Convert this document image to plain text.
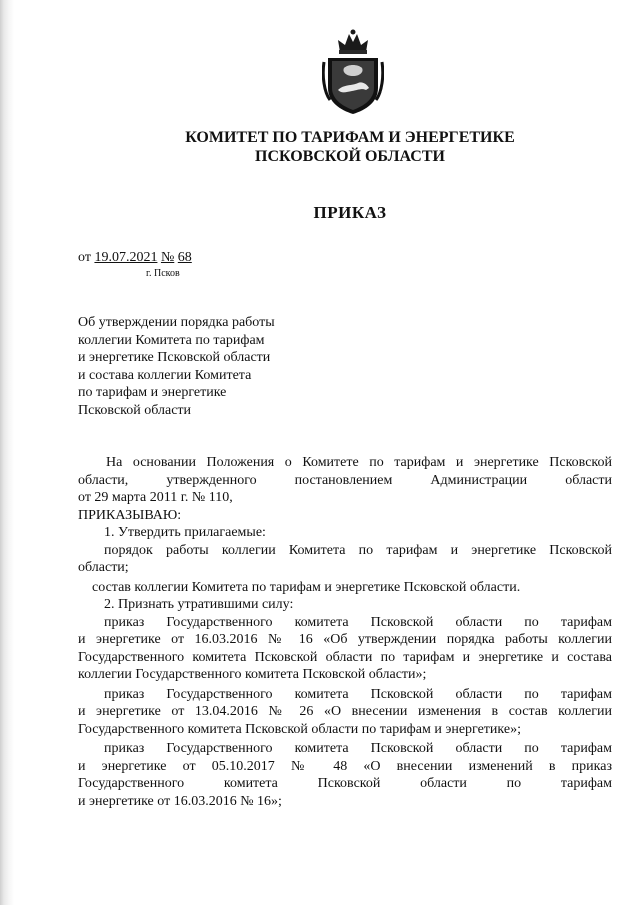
КОМИТЕТ ПО ТАРИФАМ И ЭНЕРГЕТИКЕ
ПСКОВСКОЙ ОБЛАСТИ
ПРИКАЗ
от 19.07.2021 № 68
г. Псков
Об утверждении порядка работы
коллегии Комитета по тарифам
и энергетике Псковской области
и состава коллегии Комитета
по тарифам и энергетике
Псковской области

На основании Положения о Комитете по тарифам и энергетике Псковской

области, утвержденного постановлением Администрации области

от 29 марта 2011 г. № 110,

ПРИКАЗЫВАЮ:

1. Утвердить прилагаемые:

порядок работы коллегии Комитета по тарифам и энергетике Псковской

области;

состав коллегии Комитета по тарифам и энергетике Псковской области.

2. Признать утратившими силу:

приказ Государственного комитета Псковской области по тарифам

и энергетике от 16.03.2016 № 16 «Об утверждении порядка работы коллегии

Государственного комитета Псковской области по тарифам и энергетике и состава

коллегии Государственного комитета Псковской области»;

приказ Государственного комитета Псковской области по тарифам

и энергетике от 13.04.2016 № 26 «О внесении изменения в состав коллегии

Государственного комитета Псковской области по тарифам и энергетике»;

приказ Государственного комитета Псковской области по тарифам

и энергетике от 05.10.2017 № 48 «О внесении изменений в приказ

Государственного комитета Псковской области по тарифам

и энергетике от 16.03.2016 № 16»;
